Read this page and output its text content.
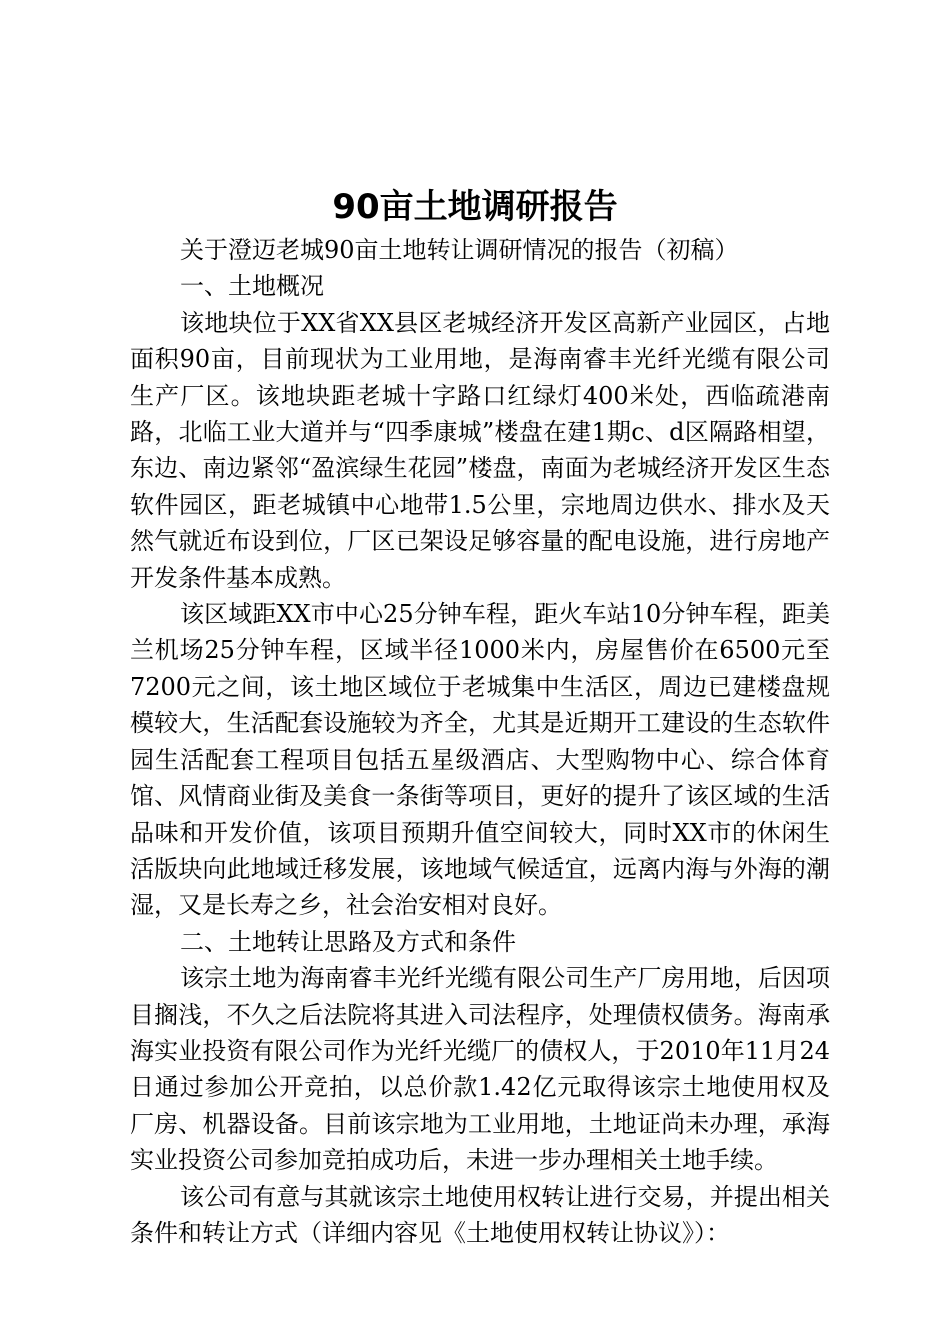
90亩土地调研报告

关于澄迈老城90亩土地转让调研情况的报告（初稿）

一、土地概况

该地块位于XX省XX县区老城经济开发区高新产业园区，占地面积90亩，目前现状为工业用地，是海南睿丰光纤光缆有限公司生产厂区。该地块距老城十字路口红绿灯400米处，西临疏港南路，北临工业大道并与“四季康城”楼盘在建1期c、d区隔路相望，东边、南边紧邻“盈滨绿生花园”楼盘，南面为老城经济开发区生态软件园区，距老城镇中心地带1.5公里，宗地周边供水、排水及天然气就近布设到位，厂区已架设足够容量的配电设施，进行房地产开发条件基本成熟。

该区域距XX市中心25分钟车程，距火车站10分钟车程，距美兰机场25分钟车程，区域半径1000米内，房屋售价在6500元至7200元之间，该土地区域位于老城集中生活区，周边已建楼盘规模较大，生活配套设施较为齐全，尤其是近期开工建设的生态软件园生活配套工程项目包括五星级酒店、大型购物中心、综合体育馆、风情商业街及美食一条街等项目，更好的提升了该区域的生活品味和开发价值，该项目预期升值空间较大，同时XX市的休闲生活版块向此地域迁移发展，该地域气候适宜，远离内海与外海的潮湿，又是长寿之乡，社会治安相对良好。

二、土地转让思路及方式和条件

该宗土地为海南睿丰光纤光缆有限公司生产厂房用地，后因项目搁浅，不久之后法院将其进入司法程序，处理债权债务。海南承海实业投资有限公司作为光纤光缆厂的债权人，于2010年11月24日通过参加公开竞拍，以总价款1.42亿元取得该宗土地使用权及厂房、机器设备。目前该宗地为工业用地，土地证尚未办理，承海实业投资公司参加竞拍成功后，未进一步办理相关土地手续。

该公司有意与其就该宗土地使用权转让进行交易，并提出相关条件和转让方式（详细内容见《土地使用权转让协议》）：
